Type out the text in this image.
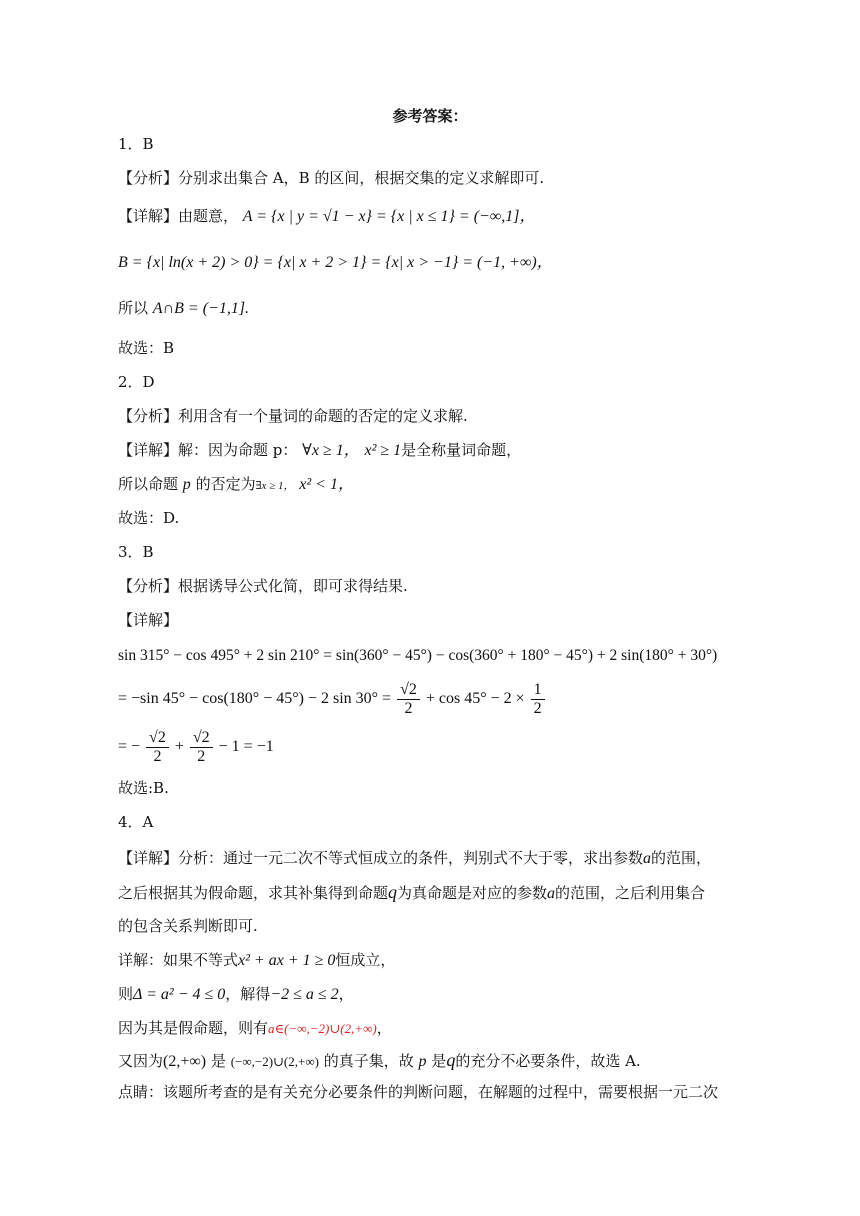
参考答案：
1．B
【分析】分别求出集合 A，B 的区间，根据交集的定义求解即可.
【详解】由题意， A = {x | y = √1 − x} = {x | x ≤ 1} = (−∞,1]，
B = {x| ln(x + 2) > 0} = {x| x + 2 > 1} = {x| x > −1} = (−1, +∞)，
所以 A∩B = (−1,1].
故选：B
2．D
【分析】利用含有一个量词的命题的否定的定义求解.
【详解】解：因为命题 p： ∀x ≥ 1， x² ≥ 1是全称量词命题，
所以命题 p 的否定为∃x ≥ 1， x² < 1，
故选：D.
3．B
【分析】根据诱导公式化简，即可求得结果.
【详解】
sin 315° − cos 495° + 2 sin 210° = sin(360° − 45°) − cos(360° + 180° − 45°) + 2 sin(180° + 30°)
= −sin 45° − cos(180° − 45°) − 2 $\sin 30^\circ = \frac{√2}{2} + \cos 45^\circ - 2 \times \frac{1}{2}$
= − $\frac{√2}{2} + \frac{√2}{2} - 1 = -1$
故选:B.
4．A
【详解】分析：通过一元二次不等式恒成立的条件，判别式不大于零，求出参数a的范围，
之后根据其为假命题，求其补集得到命题q为真命题是对应的参数a的范围，之后利用集合
的包含关系判断即可.
详解：如果不等式x² + ax + 1 ≥ 0恒成立，
则Δ = a² − 4 ≤ 0，解得−2 ≤ a ≤ 2，
因为其是假命题，则有a∈(−∞,−2)∪(2,+∞)，
又因为(2,+∞) 是 (−∞,−2)∪(2,+∞) 的真子集，故 p 是q的充分不必要条件，故选 A.
点睛：该题所考查的是有关充分必要条件的判断问题，在解题的过程中，需要根据一元二次
